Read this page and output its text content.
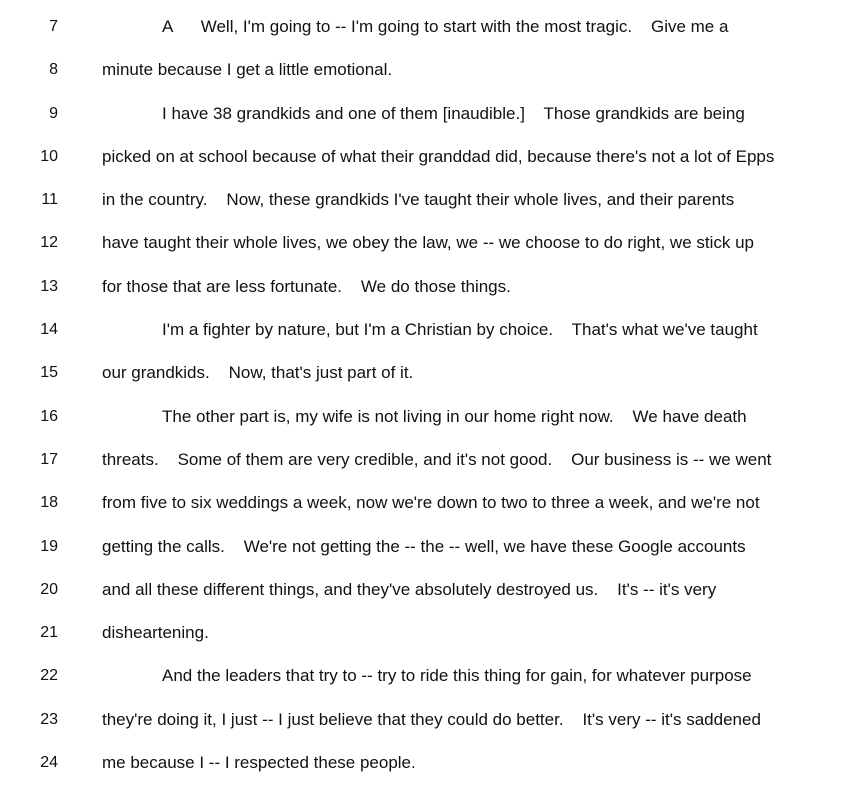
7	A      Well, I'm going to -- I'm going to start with the most tragic.    Give me a
8	minute because I get a little emotional.
9	I have 38 grandkids and one of them [inaudible.]    Those grandkids are being
10	picked on at school because of what their granddad did, because there's not a lot of Epps
11	in the country.    Now, these grandkids I've taught their whole lives, and their parents
12	have taught their whole lives, we obey the law, we -- we choose to do right, we stick up
13	for those that are less fortunate.    We do those things.
14	I'm a fighter by nature, but I'm a Christian by choice.    That's what we've taught
15	our grandkids.    Now, that's just part of it.
16	The other part is, my wife is not living in our home right now.    We have death
17	threats.    Some of them are very credible, and it's not good.    Our business is -- we went
18	from five to six weddings a week, now we're down to two to three a week, and we're not
19	getting the calls.    We're not getting the -- the -- well, we have these Google accounts
20	and all these different things, and they've absolutely destroyed us.    It's -- it's very
21	disheartening.
22	And the leaders that try to -- try to ride this thing for gain, for whatever purpose
23	they're doing it, I just -- I just believe that they could do better.    It's very -- it's saddened
24	me because I -- I respected these people.
